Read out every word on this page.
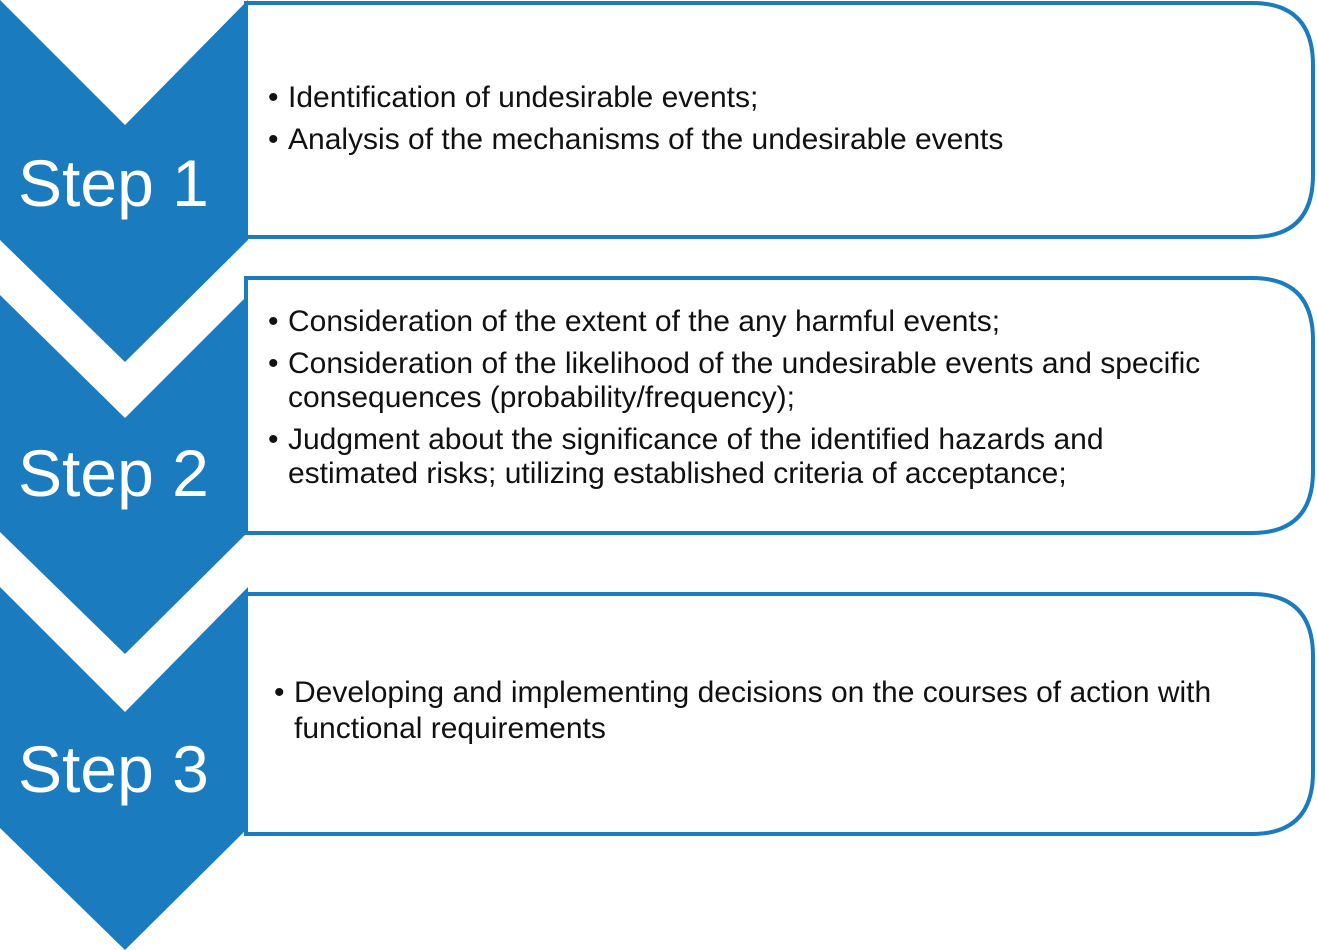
Step 1
Step 2
Step 3
• Identification of undesirable events;
• Analysis of the mechanisms of the undesirable events
• Consideration of the extent of the any harmful events;
• Consideration of the likelihood of the undesirable events and specific consequences (probability/frequency);
• Judgment about the significance of the identified hazards and estimated risks; utilizing established criteria of acceptance;
• Developing and implementing decisions on the courses of action with functional requirements
